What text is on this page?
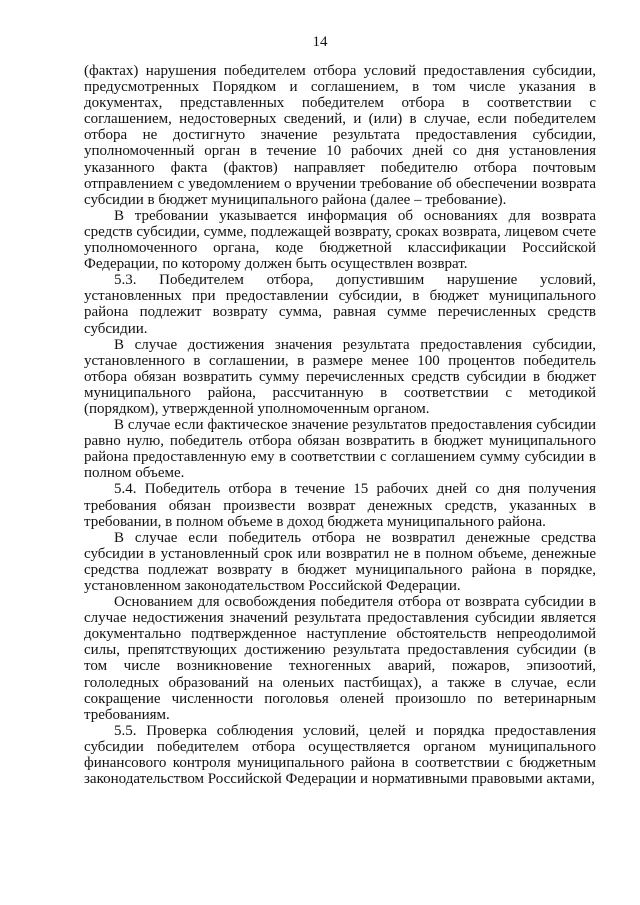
14

(фактах) нарушения победителем отбора условий предоставления субсидии, предусмотренных Порядком и соглашением, в том числе указания в документах, представленных победителем отбора в соответствии с соглашением, недостоверных сведений, и (или) в случае, если победителем отбора не достигнуто значение результата предоставления субсидии, уполномоченный орган в течение 10 рабочих дней со дня установления указанного факта (фактов) направляет победителю отбора почтовым отправлением с уведомлением о вручении требование об обеспечении возврата субсидии в бюджет муниципального района (далее – требование).

В требовании указывается информация об основаниях для возврата средств субсидии, сумме, подлежащей возврату, сроках возврата, лицевом счете уполномоченного органа, коде бюджетной классификации Российской Федерации, по которому должен быть осуществлен возврат.

5.3. Победителем отбора, допустившим нарушение условий, установленных при предоставлении субсидии, в бюджет муниципального района подлежит возврату сумма, равная сумме перечисленных средств субсидии.

В случае достижения значения результата предоставления субсидии, установленного в соглашении, в размере менее 100 процентов победитель отбора обязан возвратить сумму перечисленных средств субсидии в бюджет муниципального района, рассчитанную в соответствии с методикой (порядком), утвержденной уполномоченным органом.

В случае если фактическое значение результатов предоставления субсидии равно нулю, победитель отбора обязан возвратить в бюджет муниципального района предоставленную ему в соответствии с соглашением сумму субсидии в полном объеме.

5.4. Победитель отбора в течение 15 рабочих дней со дня получения требования обязан произвести возврат денежных средств, указанных в требовании, в полном объеме в доход бюджета муниципального района.

В случае если победитель отбора не возвратил денежные средства субсидии в установленный срок или возвратил не в полном объеме, денежные средства подлежат возврату в бюджет муниципального района в порядке, установленном законодательством Российской Федерации.

Основанием для освобождения победителя отбора от возврата субсидии в случае недостижения значений результата предоставления субсидии является документально подтвержденное наступление обстоятельств непреодолимой силы, препятствующих достижению результата предоставления субсидии (в том числе возникновение техногенных аварий, пожаров, эпизоотий, гололедных образований на оленьих пастбищах), а также в случае, если сокращение численности поголовья оленей произошло по ветеринарным требованиям.

5.5. Проверка соблюдения условий, целей и порядка предоставления субсидии победителем отбора осуществляется органом муниципального финансового контроля муниципального района в соответствии с бюджетным законодательством Российской Федерации и нормативными правовыми актами,
